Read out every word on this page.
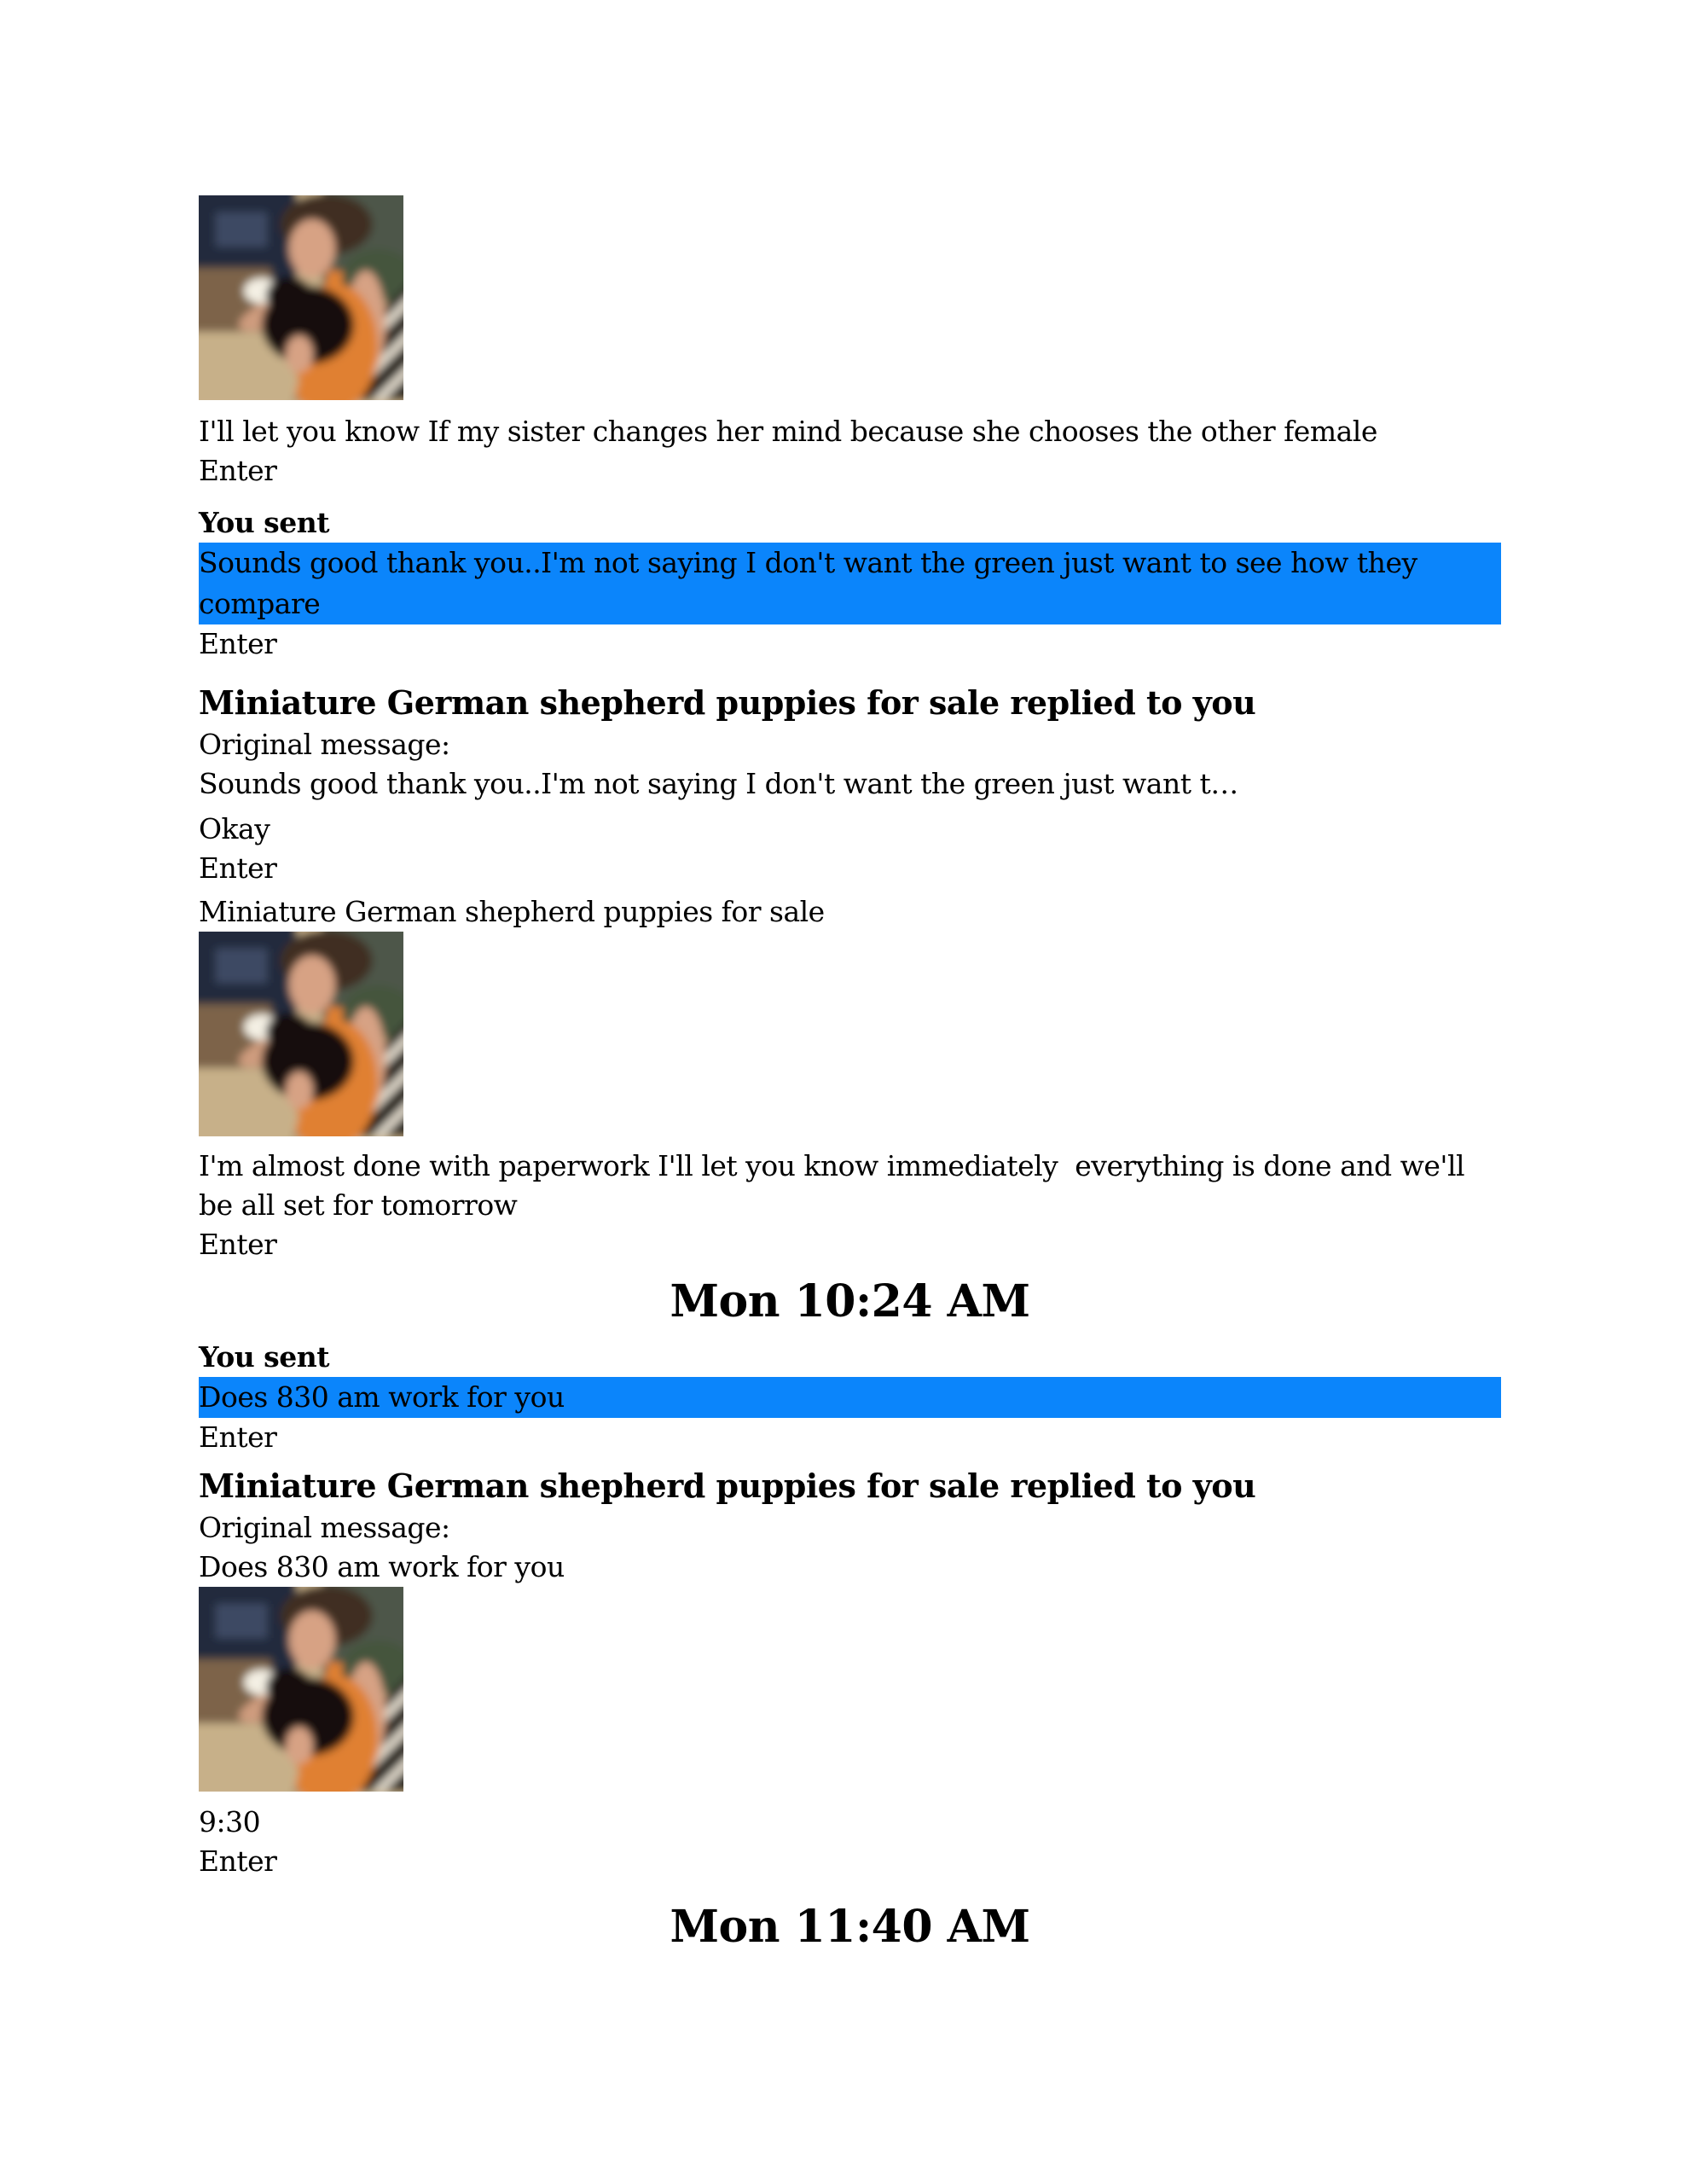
I'll let you know If my sister changes her mind because she chooses the other female
Enter
You sent
Sounds good thank you..I'm not saying I don't want the green just want to see how they
compare
Enter
Miniature German shepherd puppies for sale replied to you
Original message:
Sounds good thank you..I'm not saying I don't want the green just want t…
Okay
Enter
Miniature German shepherd puppies for sale
I'm almost done with paperwork I'll let you know immediately  everything is done and we'll
be all set for tomorrow
Enter
Mon 10:24 AM
You sent
Does 830 am work for you
Enter
Miniature German shepherd puppies for sale replied to you
Original message:
Does 830 am work for you
9:30
Enter
Mon 11:40 AM
